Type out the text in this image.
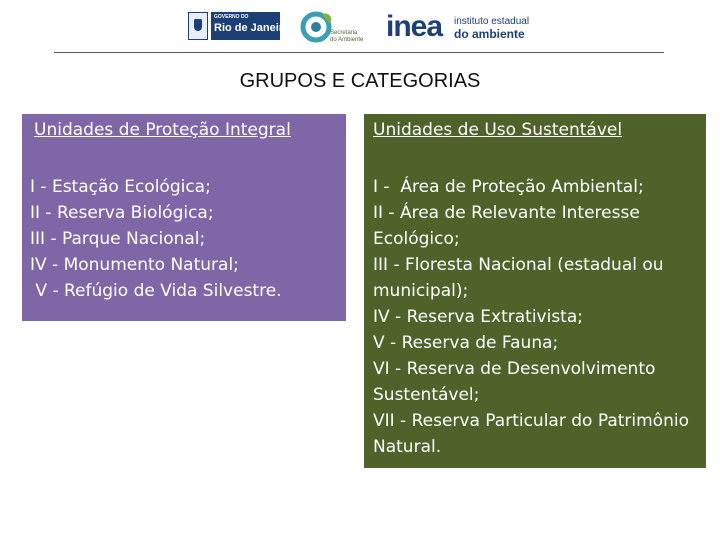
GOVERNO DO
Rio de Janeiro	Secretaria
do Ambiente inea instituto estadual
do ambiente
GRUPOS E CATEGORIAS
Unidades de Proteção Integral
I - Estação Ecológica;
II - Reserva Biológica;
III - Parque Nacional;
IV - Monumento Natural;
V - Refúgio de Vida Silvestre.
Unidades de Uso Sustentável
I -  Área de Proteção Ambiental;
II - Área de Relevante Interesse Ecológico;
III - Floresta Nacional (estadual ou municipal);
IV - Reserva Extrativista;
V - Reserva de Fauna;
VI - Reserva de Desenvolvimento Sustentável;
VII - Reserva Particular do Patrimônio Natural.
